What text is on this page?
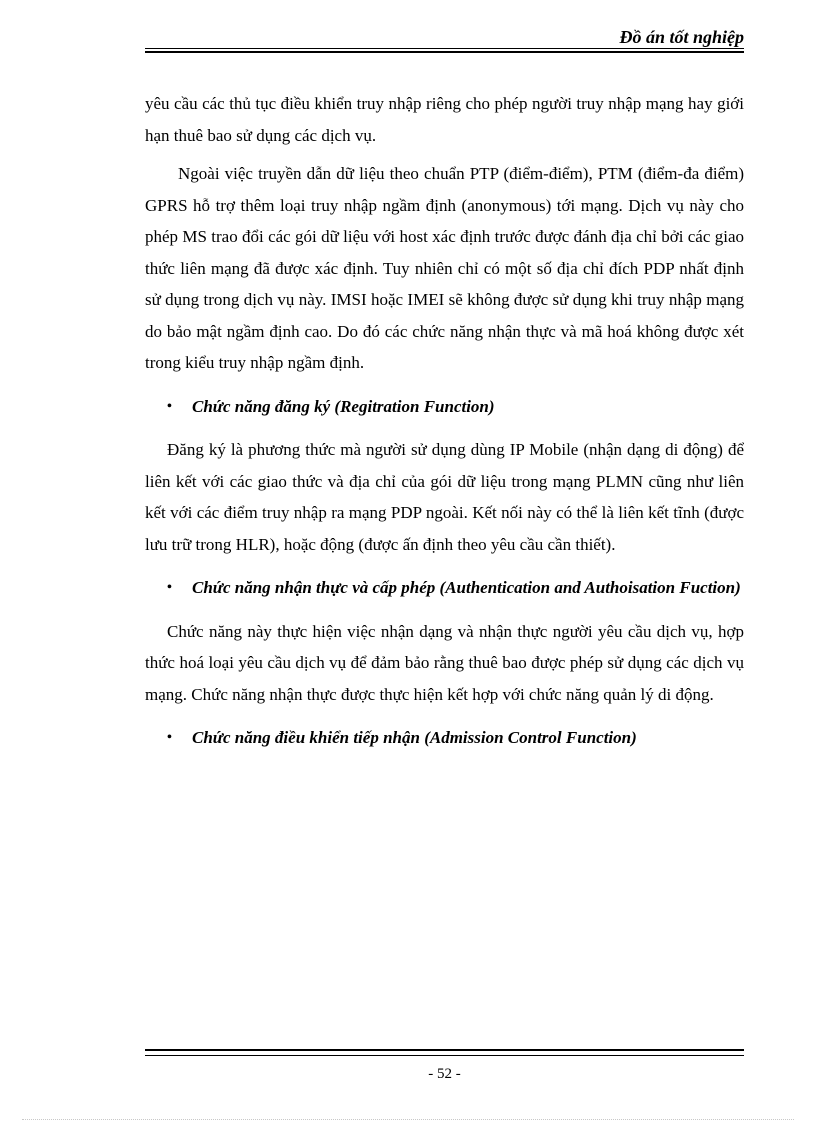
Đồ án tốt nghiệp

yêu cầu các thủ tục điều khiển truy nhập riêng cho phép người truy nhập mạng hay giới hạn thuê bao sử dụng các dịch vụ.

Ngoài việc truyền dẫn dữ liệu theo chuẩn PTP (điểm-điểm), PTM (điểm-đa điểm) GPRS hỗ trợ thêm loại truy nhập ngầm định (anonymous) tới mạng. Dịch vụ này cho phép MS trao đổi các gói dữ liệu với host xác định trước được đánh địa chỉ bởi các giao thức liên mạng đã được xác định. Tuy nhiên chỉ có một số địa chỉ đích PDP nhất định sử dụng trong dịch vụ này. IMSI hoặc IMEI sẽ không được sử dụng khi truy nhập mạng do bảo mật ngầm định cao. Do đó các chức năng nhận thực và mã hoá không được xét trong kiểu truy nhập ngầm định.

• Chức năng đăng ký (Regitration Function)

Đăng ký là phương thức mà người sử dụng dùng IP Mobile (nhận dạng di động) để liên kết với các giao thức và địa chỉ của gói dữ liệu trong mạng PLMN cũng như liên kết với các điểm truy nhập ra mạng PDP ngoài. Kết nối này có thể là liên kết tĩnh (được lưu trữ trong HLR), hoặc động (được ấn định theo yêu cầu cần thiết).

• Chức năng nhận thực và cấp phép (Authentication and Authoisation Fuction)

Chức năng này thực hiện việc nhận dạng và nhận thực người yêu cầu dịch vụ, hợp thức hoá loại yêu cầu dịch vụ để đảm bảo rằng thuê bao được phép sử dụng các dịch vụ mạng. Chức năng nhận thực được thực hiện kết hợp với chức năng quản lý di động.

• Chức năng điều khiển tiếp nhận (Admission Control Function)

- 52 -
